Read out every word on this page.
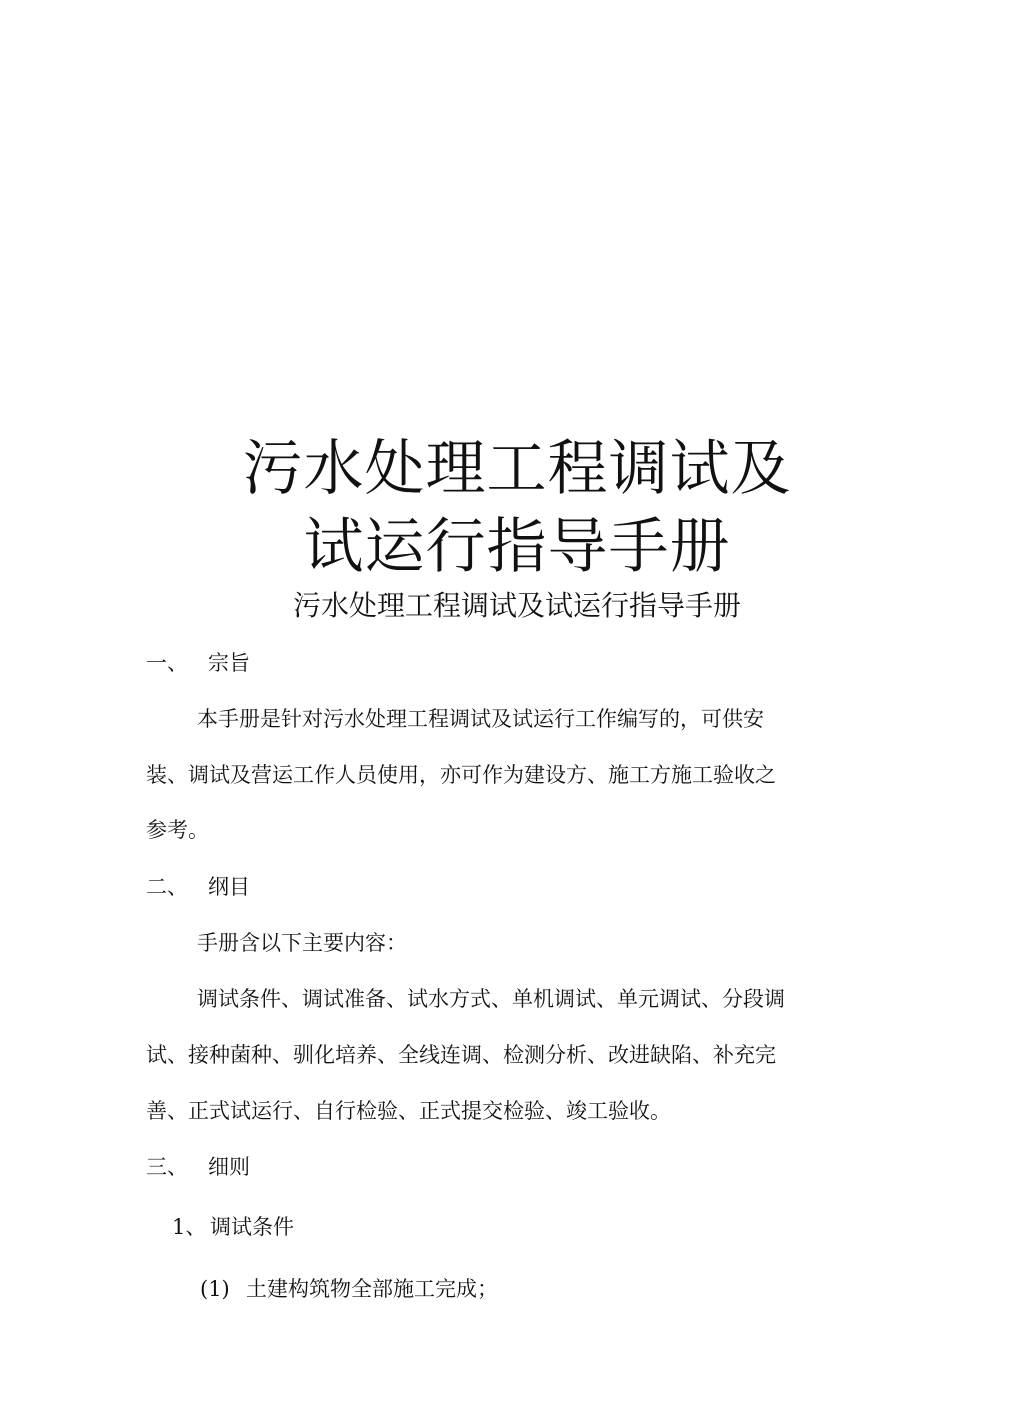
污水处理工程调试及
试运行指导手册
污水处理工程调试及试运行指导手册
一、 宗旨
本手册是针对污水处理工程调试及试运行工作编写的，可供安
装、调试及营运工作人员使用，亦可作为建设方、施工方施工验收之
参考。
二、 纲目
手册含以下主要内容：
调试条件、调试准备、试水方式、单机调试、单元调试、分段调
试、接种菌种、驯化培养、全线连调、检测分析、改进缺陷、补充完
善、正式试运行、自行检验、正式提交检验、竣工验收。
三、 细则
1、 调试条件
(1) 土建构筑物全部施工完成；
